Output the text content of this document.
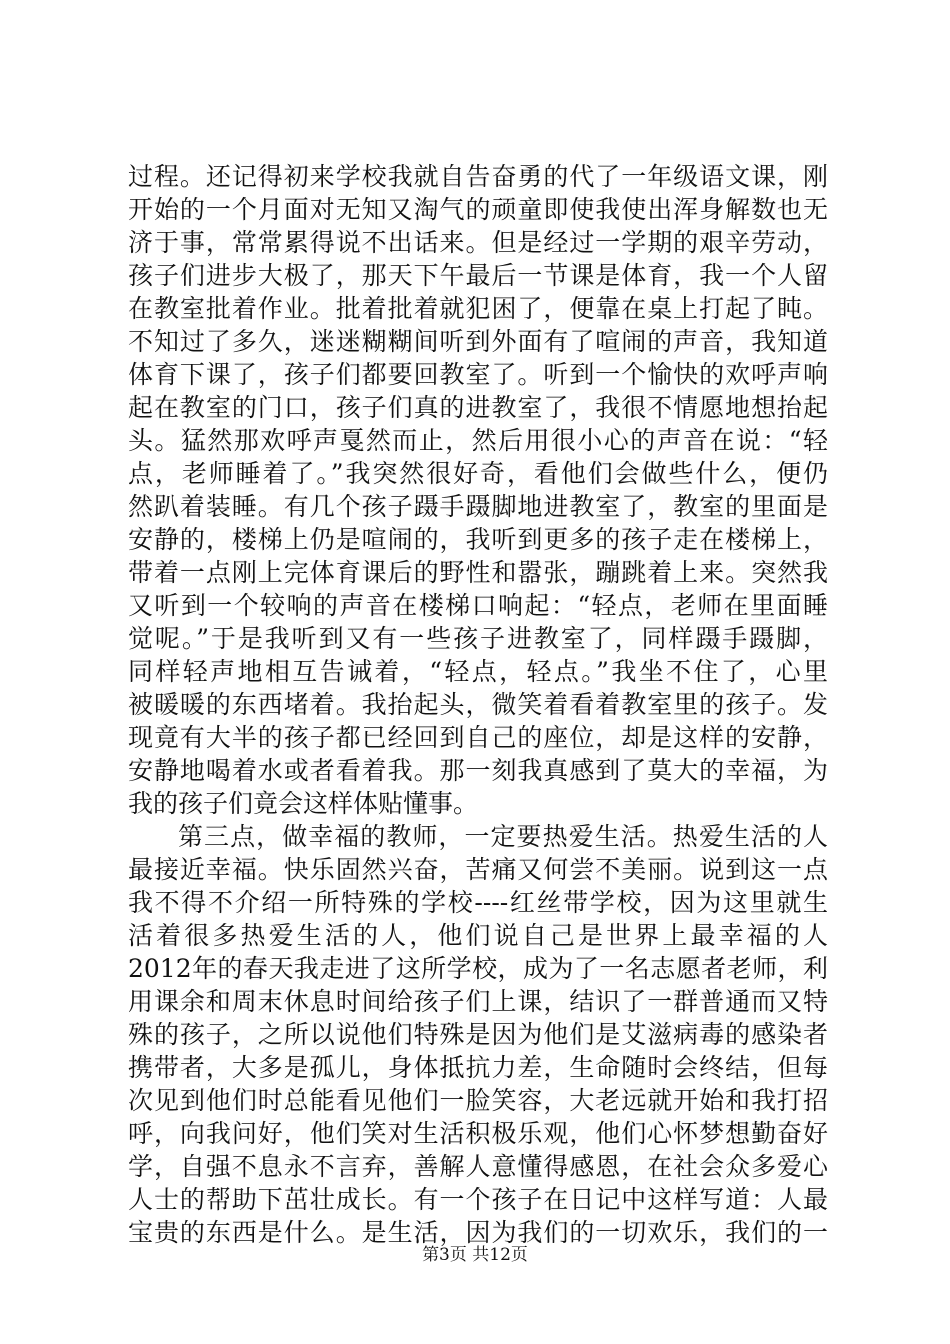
过程。还记得初来学校我就自告奋勇的代了一年级语文课，刚
开始的一个月面对无知又淘气的顽童即使我使出浑身解数也无
济于事，常常累得说不出话来。但是经过一学期的艰辛劳动，
孩子们进步大极了，那天下午最后一节课是体育，我一个人留
在教室批着作业。批着批着就犯困了，便靠在桌上打起了盹。
不知过了多久，迷迷糊糊间听到外面有了喧闹的声音，我知道
体育下课了，孩子们都要回教室了。听到一个愉快的欢呼声响
起在教室的门口，孩子们真的进教室了，我很不情愿地想抬起
头。猛然那欢呼声戛然而止，然后用很小心的声音在说：“轻
点，老师睡着了。”我突然很好奇，看他们会做些什么，便仍
然趴着装睡。有几个孩子蹑手蹑脚地进教室了，教室的里面是
安静的，楼梯上仍是喧闹的，我听到更多的孩子走在楼梯上，
带着一点刚上完体育课后的野性和嚣张，蹦跳着上来。突然我
又听到一个较响的声音在楼梯口响起：“轻点，老师在里面睡
觉呢。”于是我听到又有一些孩子进教室了，同样蹑手蹑脚，
同样轻声地相互告诫着，“轻点，轻点。”我坐不住了，心里
被暖暖的东西堵着。我抬起头，微笑着看着教室里的孩子。发
现竟有大半的孩子都已经回到自己的座位，却是这样的安静，
安静地喝着水或者看着我。那一刻我真感到了莫大的幸福，为
我的孩子们竟会这样体贴懂事。
第三点，做幸福的教师，一定要热爱生活。热爱生活的人
最接近幸福。快乐固然兴奋，苦痛又何尝不美丽。说到这一点
我不得不介绍一所特殊的学校----红丝带学校，因为这里就生
活着很多热爱生活的人，他们说自己是世界上最幸福的人
2012年的春天我走进了这所学校，成为了一名志愿者老师，利
用课余和周末休息时间给孩子们上课，结识了一群普通而又特
殊的孩子，之所以说他们特殊是因为他们是艾滋病毒的感染者
携带者，大多是孤儿，身体抵抗力差，生命随时会终结，但每
次见到他们时总能看见他们一脸笑容，大老远就开始和我打招
呼，向我问好，他们笑对生活积极乐观，他们心怀梦想勤奋好
学，自强不息永不言弃，善解人意懂得感恩，在社会众多爱心
人士的帮助下茁壮成长。有一个孩子在日记中这样写道：人最
宝贵的东西是什么。是生活，因为我们的一切欢乐，我们的一
第3页 共12页
